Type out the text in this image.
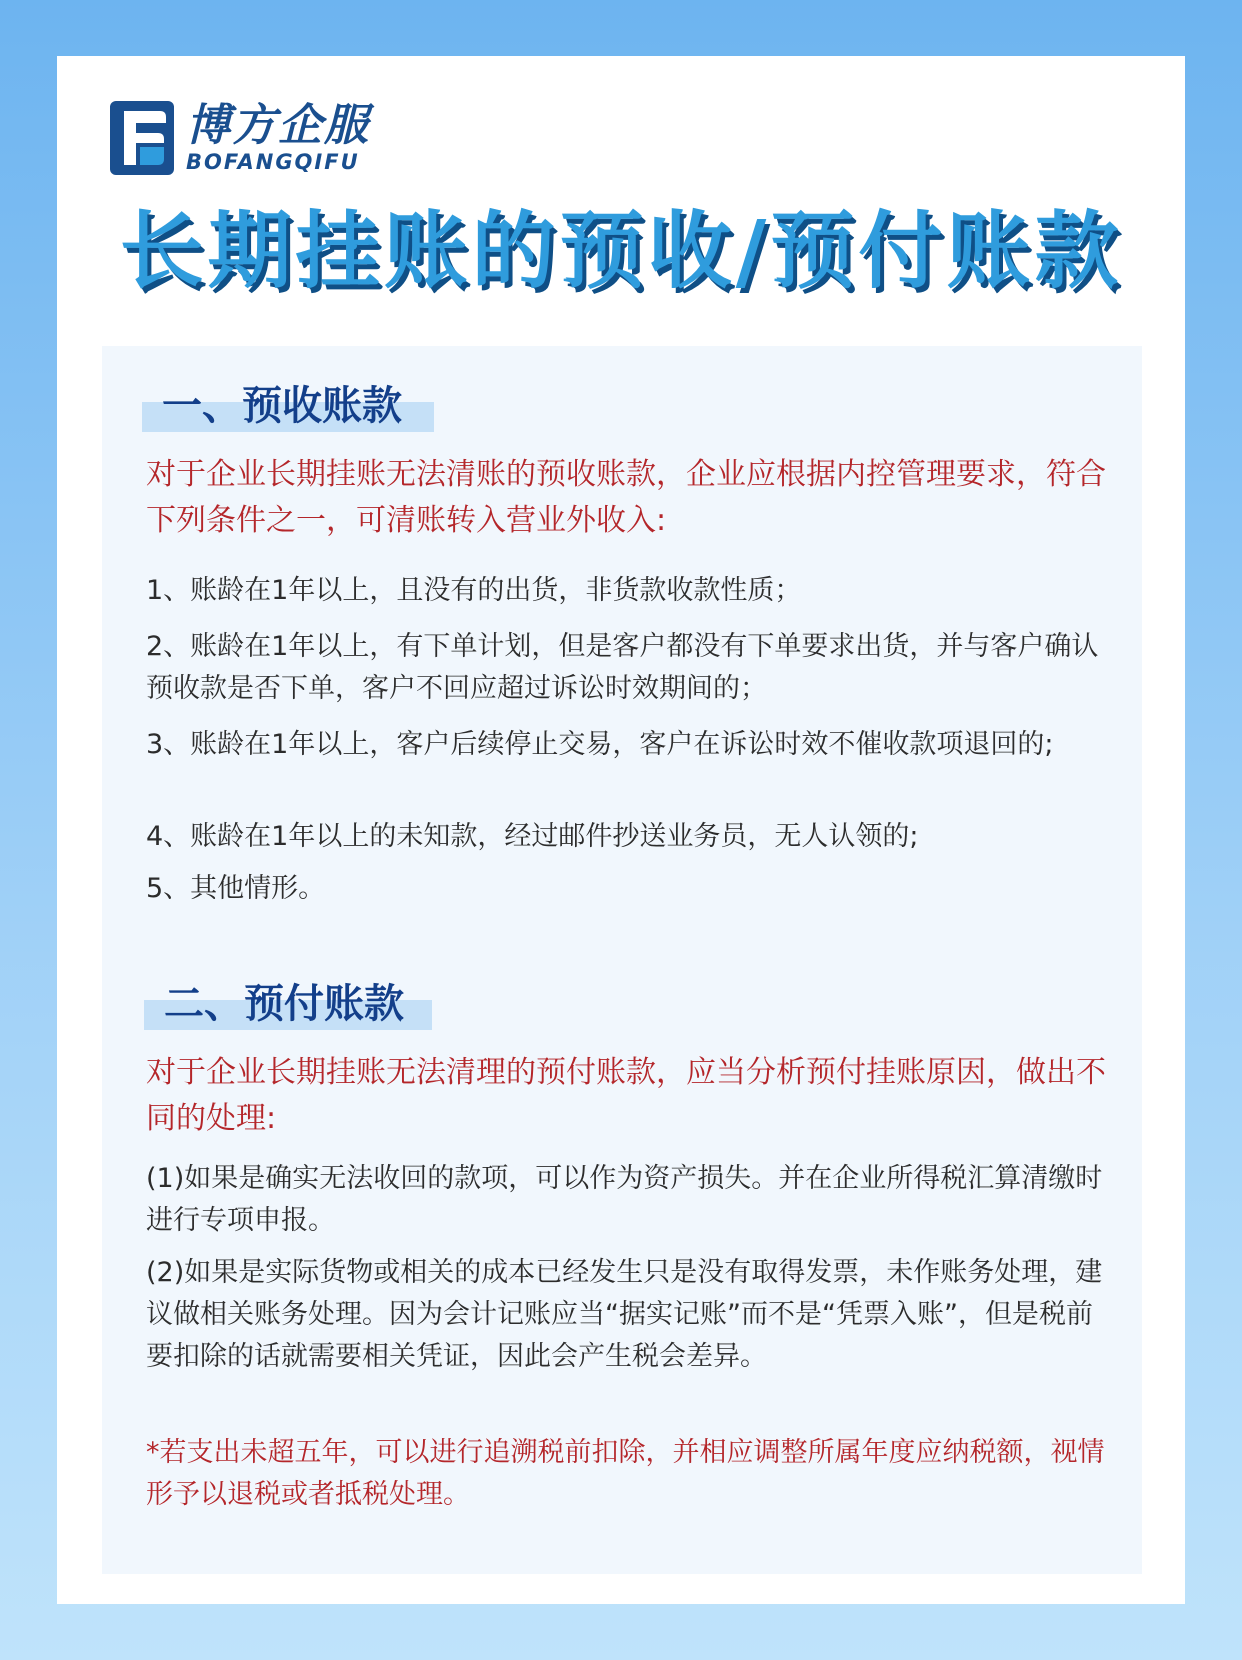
博方企服
BOFANGQIFU
长期挂账的预收/预付账款
一、预收账款

对于企业长期挂账无法清账的预收账款，企业应根据内控管理要求，符合下列条件之一，可清账转入营业外收入:

1、账龄在1年以上，且没有的出货，非货款收款性质；

2、账龄在1年以上，有下单计划，但是客户都没有下单要求出货，并与客户确认预收款是否下单，客户不回应超过诉讼时效期间的；

3、账龄在1年以上，客户后续停止交易，客户在诉讼时效不催收款项退回的;

4、账龄在1年以上的未知款，经过邮件抄送业务员，无人认领的;

5、其他情形。

二、预付账款

对于企业长期挂账无法清理的预付账款，应当分析预付挂账原因，做出不同的处理:

(1)如果是确实无法收回的款项，可以作为资产损失。并在企业所得税汇算清缴时进行专项申报。

(2)如果是实际货物或相关的成本已经发生只是没有取得发票，未作账务处理，建议做相关账务处理。因为会计记账应当“据实记账”而不是“凭票入账”，但是税前要扣除的话就需要相关凭证，因此会产生税会差异。

*若支出未超五年，可以进行追溯税前扣除，并相应调整所属年度应纳税额，视情形予以退税或者抵税处理。
